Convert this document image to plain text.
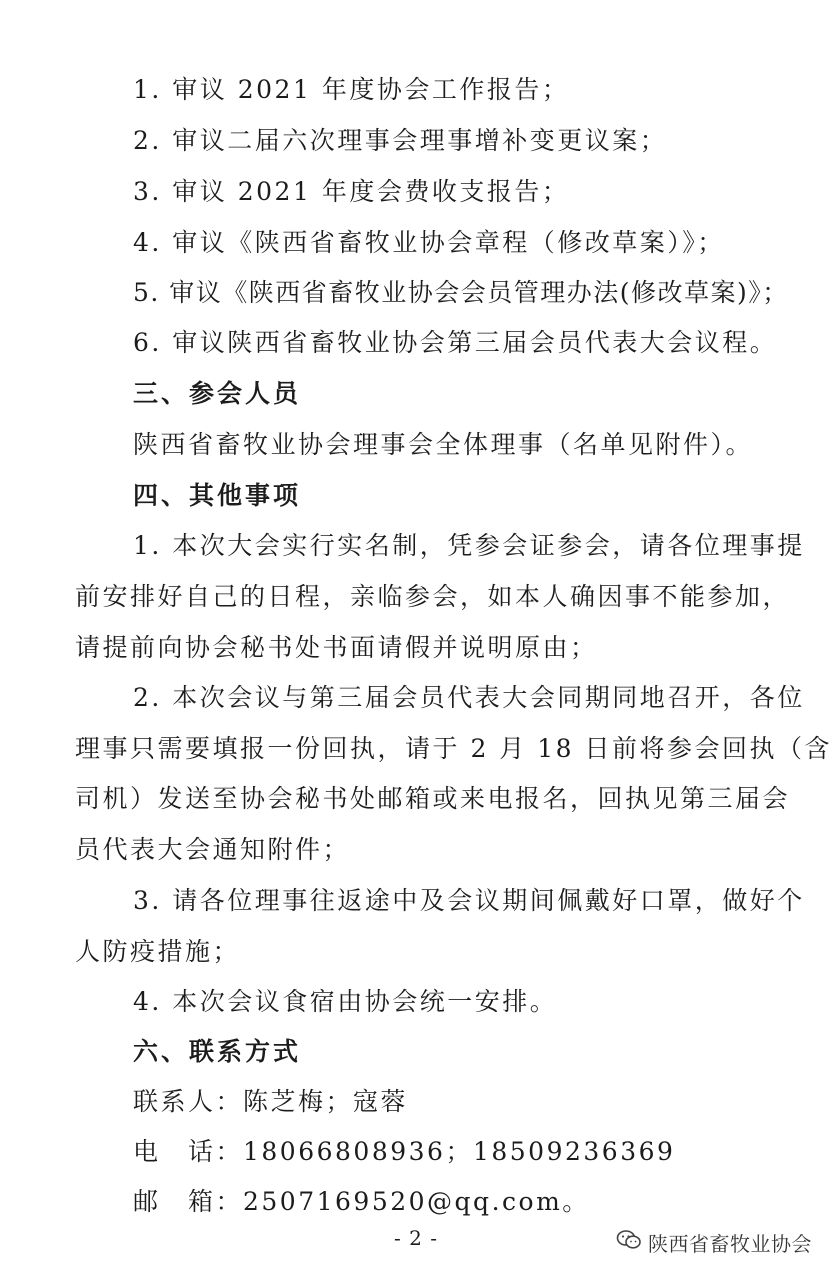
1. 审议 2021 年度协会工作报告；
2. 审议二届六次理事会理事增补变更议案；
3. 审议 2021 年度会费收支报告；
4. 审议《陕西省畜牧业协会章程（修改草案）》；
5. 审议《陕西省畜牧业协会会员管理办法(修改草案)》；
6. 审议陕西省畜牧业协会第三届会员代表大会议程。
三、参会人员
陕西省畜牧业协会理事会全体理事（名单见附件）。
四、其他事项
1. 本次大会实行实名制，凭参会证参会，请各位理事提
前安排好自己的日程，亲临参会，如本人确因事不能参加，
请提前向协会秘书处书面请假并说明原由；
2. 本次会议与第三届会员代表大会同期同地召开，各位
理事只需要填报一份回执，请于 2 月 18 日前将参会回执（含
司机）发送至协会秘书处邮箱或来电报名，回执见第三届会
员代表大会通知附件；
3. 请各位理事往返途中及会议期间佩戴好口罩，做好个
人防疫措施；
4. 本次会议食宿由协会统一安排。
六、联系方式
联系人：陈芝梅；寇蓉
电　话：18066808936；18509236369
邮　箱：2507169520@qq.com。
- 2 -	陕西省畜牧业协会
